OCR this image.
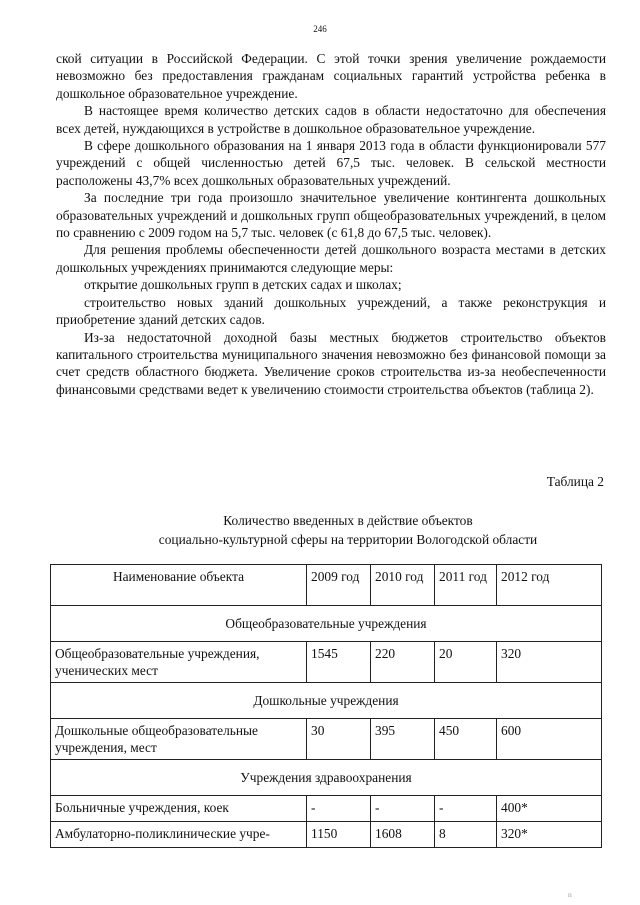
246

ской ситуации в Российской Федерации. С этой точки зрения увеличение рождаемости невозможно без предоставления гражданам социальных гарантий устройства ребенка в дошкольное образовательное учреждение.

В настоящее время количество детских садов в области недостаточно для обеспечения всех детей, нуждающихся в устройстве в дошкольное образовательное учреждение.

В сфере дошкольного образования на 1 января 2013 года в области функционировали 577 учреждений с общей численностью детей 67,5 тыс. человек. В сельской местности расположены 43,7% всех дошкольных образовательных учреждений.

За последние три года произошло значительное увеличение контингента дошкольных образовательных учреждений и дошкольных групп общеобразовательных учреждений, в целом по сравнению с 2009 годом на 5,7 тыс. человек (с 61,8 до 67,5 тыс. человек).

Для решения проблемы обеспеченности детей дошкольного возраста местами в детских дошкольных учреждениях принимаются следующие меры:

открытие дошкольных групп в детских садах и школах;

строительство новых зданий дошкольных учреждений, а также реконструкция и приобретение зданий детских садов.

Из-за недостаточной доходной базы местных бюджетов строительство объектов капитального строительства муниципального значения невозможно без финансовой помощи за счет средств областного бюджета. Увеличение сроков строительства из-за необеспеченности финансовыми средствами ведет к увеличению стоимости строительства объектов (таблица 2).

Таблица 2
Количество введенных в действие объектов
социально-культурной сферы на территории Вологодской области
Наименование объекта	2009 год	2010 год	2011 год	2012 год
Общеобразовательные учреждения				
Общеобразовательные учреждения, ученических мест	1545	220	20	320
Дошкольные учреждения				
Дошкольные общеобразовательные учреждения, мест	30	395	450	600
Учреждения здравоохранения				
Больничные учреждения, коек	-	-	-	400*
Амбулаторно-поликлинические учре-	1150	1608	8	320*
п
